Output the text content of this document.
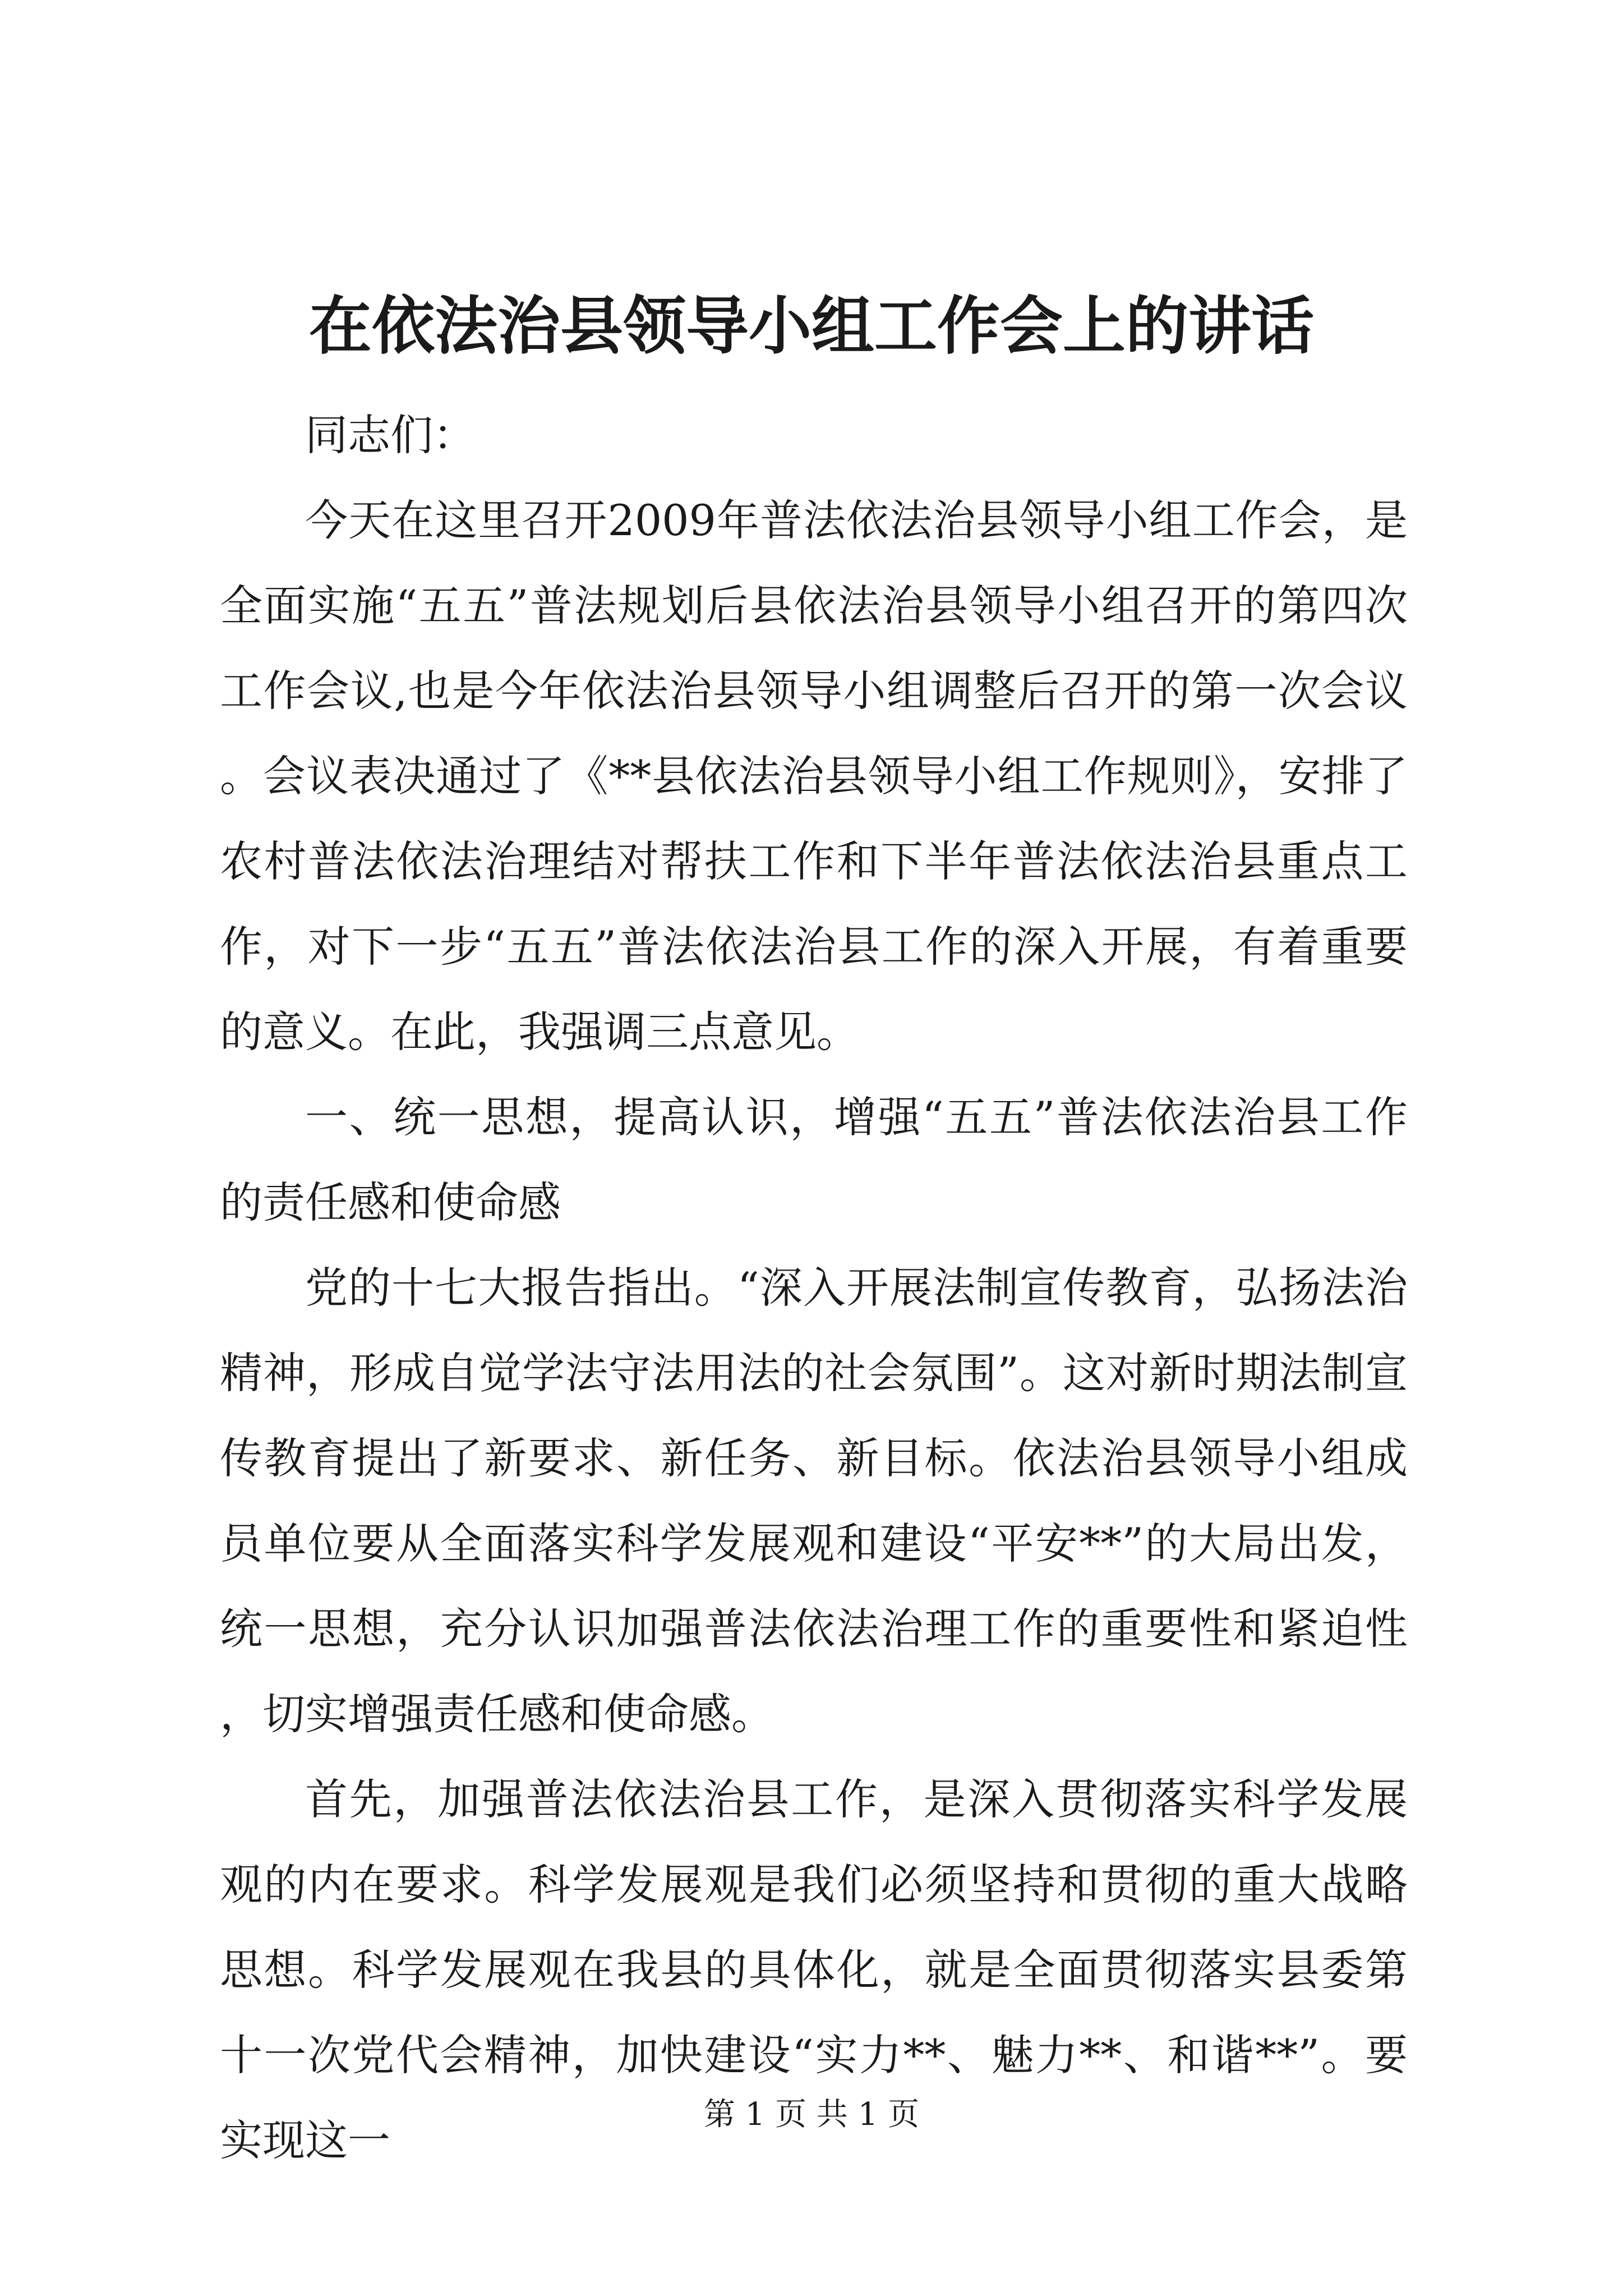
在依法治县领导小组工作会上的讲话

同志们：

今天在这里召开2009年普法依法治县领导小组工作会，是全面实施“五五”普法规划后县依法治县领导小组召开的第四次工作会议,也是今年依法治县领导小组调整后召开的第一次会议。会议表决通过了《**县依法治县领导小组工作规则》，安排了农村普法依法治理结对帮扶工作和下半年普法依法治县重点工作，对下一步“五五”普法依法治县工作的深入开展，有着重要的意义。在此，我强调三点意见。

一、统一思想，提高认识，增强“五五”普法依法治县工作的责任感和使命感

党的十七大报告指出。“深入开展法制宣传教育，弘扬法治精神，形成自觉学法守法用法的社会氛围”。这对新时期法制宣传教育提出了新要求、新任务、新目标。依法治县领导小组成员单位要从全面落实科学发展观和建设“平安**”的大局出发，统一思想，充分认识加强普法依法治理工作的重要性和紧迫性，切实增强责任感和使命感。

首先，加强普法依法治县工作，是深入贯彻落实科学发展观的内在要求。科学发展观是我们必须坚持和贯彻的重大战略思想。科学发展观在我县的具体化，就是全面贯彻落实县委第十一次党代会精神，加快建设“实力**、魅力**、和谐**”。要实现这一

第 1 页 共 1 页
